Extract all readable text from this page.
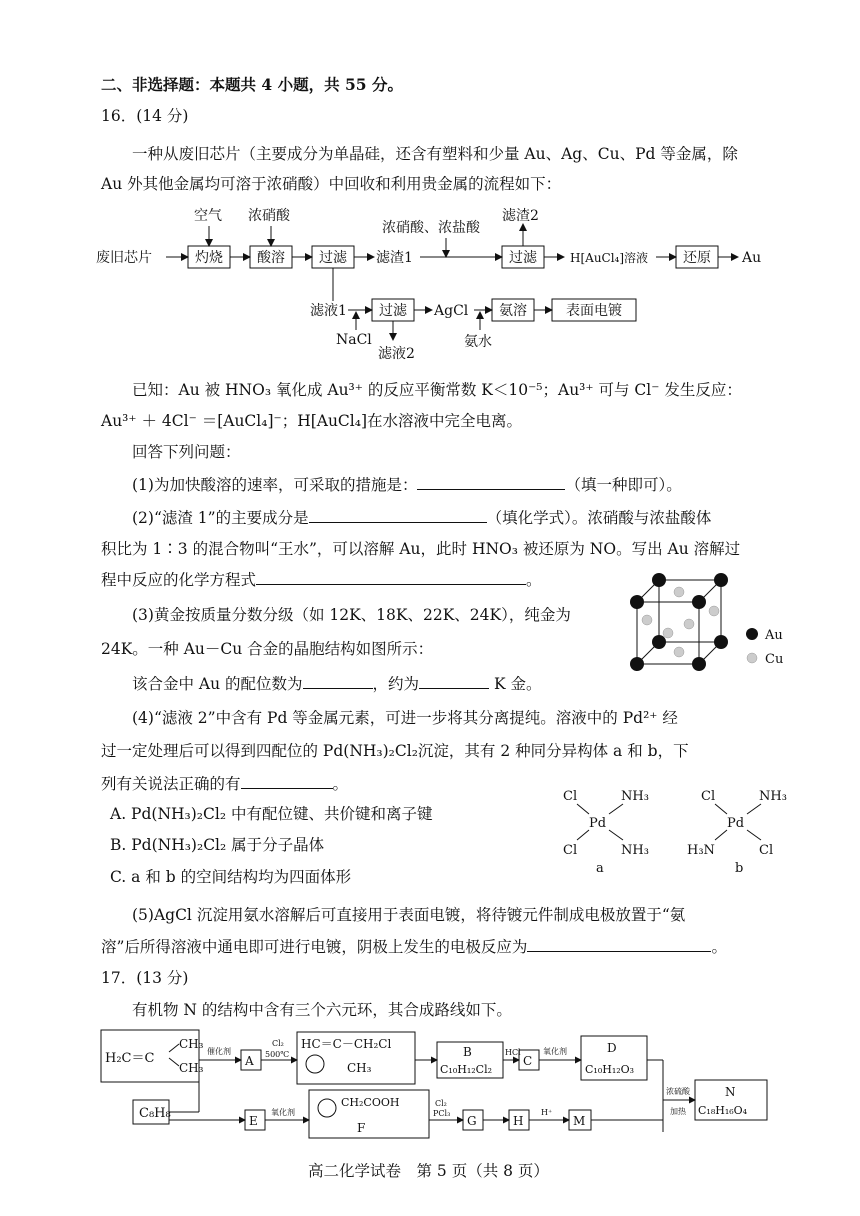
二、非选择题：本题共 4 小题，共 55 分。
16．(14 分)
一种从废旧芯片（主要成分为单晶硅，还含有塑料和少量 Au、Ag、Cu、Pd 等金属，除
Au 外其他金属均可溶于浓硝酸）中回收和利用贵金属的流程如下：
废旧芯片
空气 浓硝酸
灼烧 酸溶 过滤 滤渣1
浓硝酸、浓盐酸
滤渣2
过滤	H[AuCl₄]溶液 还原 Au
滤液1 过滤 AgCl 氨溶	表面电镀
NaCl
滤液2
氨水
已知：Au 被 HNO₃ 氧化成 Au³⁺ 的反应平衡常数 K＜10⁻⁵；Au³⁺ 可与 Cl⁻ 发生反应：
Au³⁺ ＋ 4Cl⁻ ＝[AuCl₄]⁻；H[AuCl₄]在水溶液中完全电离。
回答下列问题：
(1)为加快酸溶的速率，可采取的措施是：	（填一种即可）。
(2)“滤渣 1”的主要成分是	（填化学式）。浓硝酸与浓盐酸体
积比为 1∶3 的混合物叫“王水”，可以溶解 Au，此时 HNO₃ 被还原为 NO。写出 Au 溶解过
程中反应的化学方程式	。
(3)黄金按质量分数分级（如 12K、18K、22K、24K），纯金为
24K。一种 Au－Cu 合金的晶胞结构如图所示：
该合金中 Au 的配位数为	，约为	K 金。
Au
Cu
(4)“滤液 2”中含有 Pd 等金属元素，可进一步将其分离提纯。溶液中的 Pd²⁺ 经
过一定处理后可以得到四配位的 Pd(NH₃)₂Cl₂沉淀，其有 2 种同分异构体 a 和 b，下
列有关说法正确的有	。
A. Pd(NH₃)₂Cl₂ 中有配位键、共价键和离子键
B. Pd(NH₃)₂Cl₂ 属于分子晶体
C. a 和 b 的空间结构均为四面体形
Cl	NH₃
Pd
Cl	NH₃
a
Cl	NH₃
Pd
H₃N	Cl
b
(5)AgCl 沉淀用氨水溶解后可直接用于表面电镀，将待镀元件制成电极放置于“氨
溶”后所得溶液中通电即可进行电镀，阴极上发生的电极反应为	。
17．(13 分)
有机物 N 的结构中含有三个六元环，其合成路线如下。
H₂C＝C
CH₃
CH₃
C₈H₈
催化剂
A
Cl₂
500℃
HC＝C－CH₂Cl
CH₃
B
C₁₀H₁₂Cl₂
HCl
C
氧化剂	D
C₁₀H₁₂O₃
E
氧化剂
CH₂COOH
F
Cl₂
PCl₃
G	H
H⁺
M
浓硫酸
加热
N
C₁₈H₁₆O₄
高二化学试卷　第 5 页（共 8 页）
